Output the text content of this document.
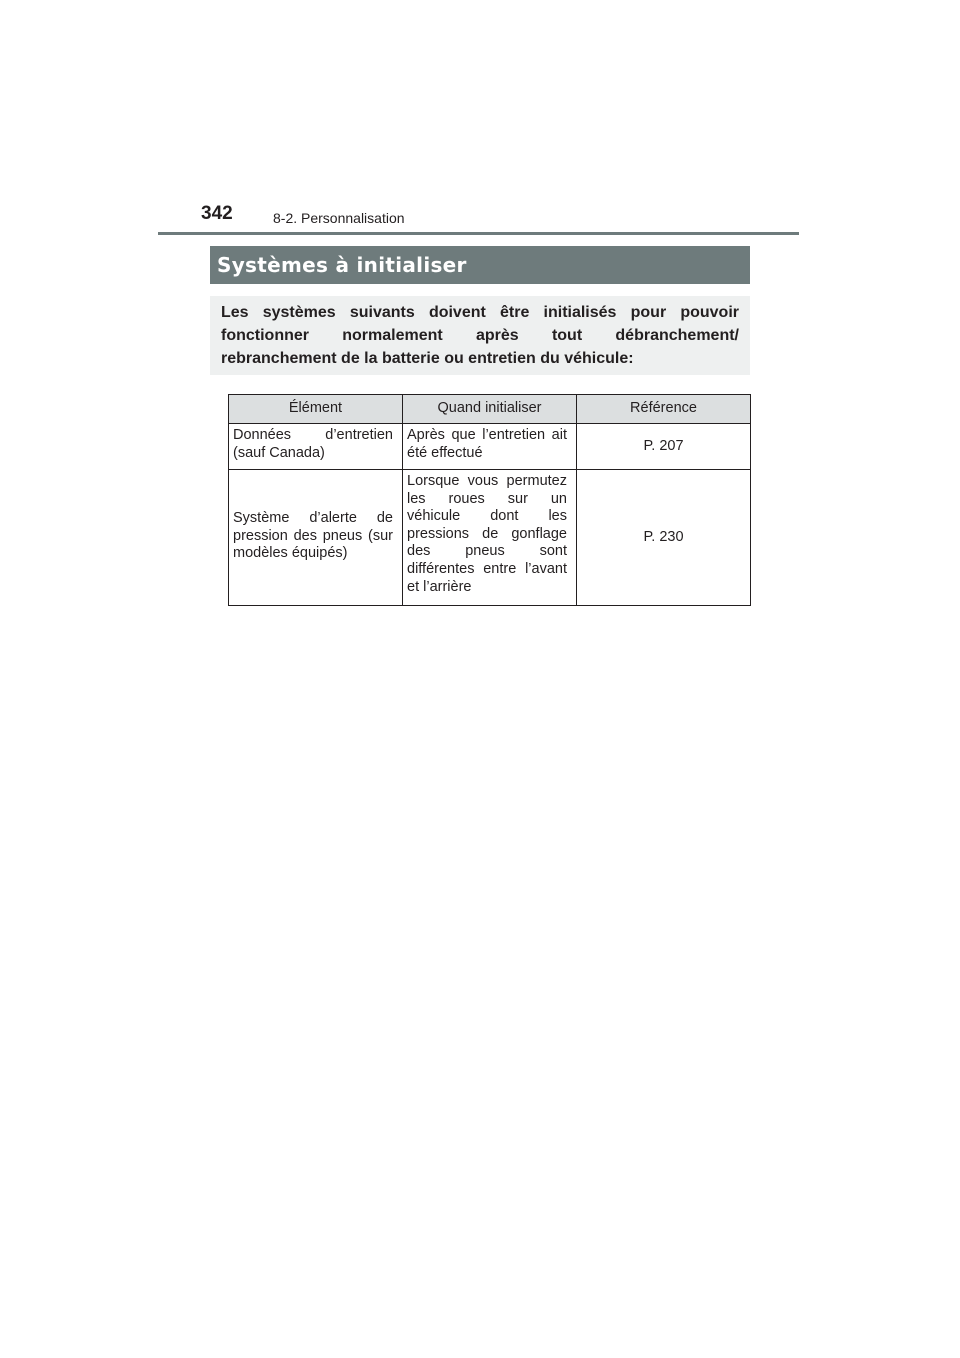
342	8-2. Personnalisation
Systèmes à initialiser

Les systèmes suivants doivent être initialisés pour pouvoir fonctionner normalement après tout débranchement/ rebranchement de la batterie ou entretien du véhicule:

Élément	Quand initialiser	Référence

Données d’entretien (sauf Canada)	Après que l’entretien ait été effectué	P. 207

Système d’alerte de pression des pneus (sur modèles équipés)	Lorsque vous permutez les roues sur un véhicule dont les pressions de gonflage des pneus sont différentes entre l’avant et l’arrière	P. 230
